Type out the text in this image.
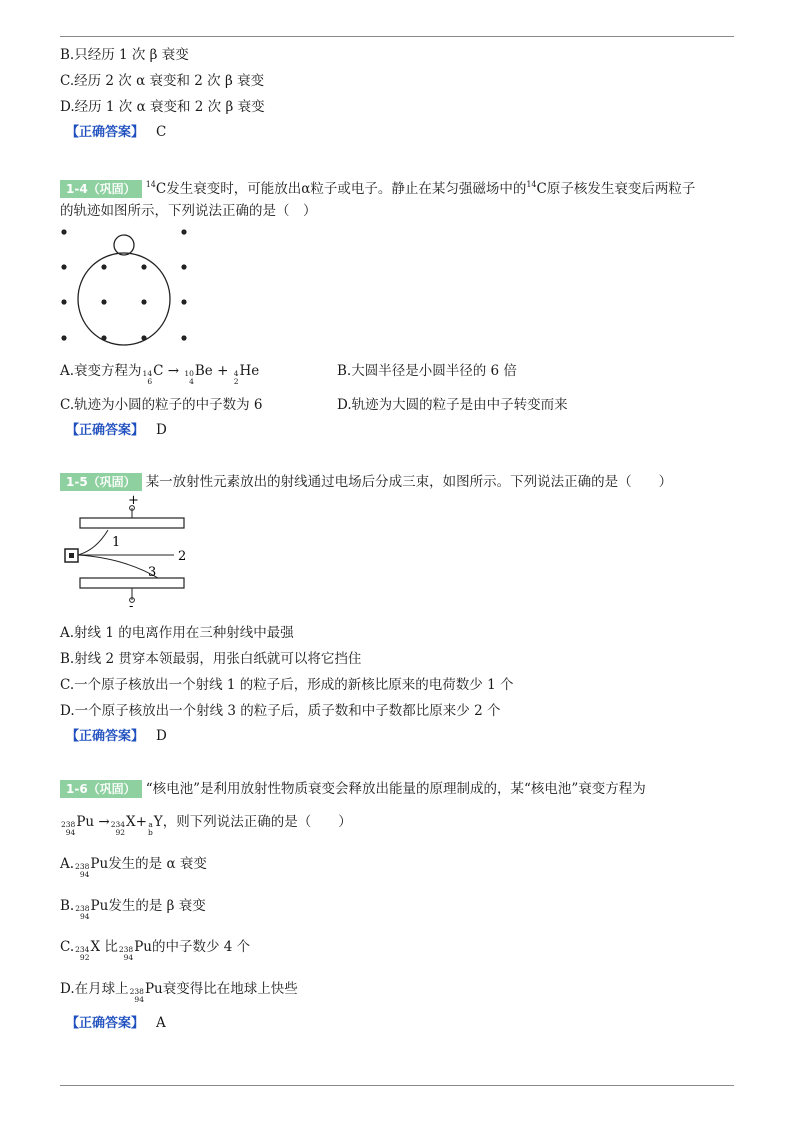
B.只经历 1 次 β 衰变
C.经历 2 次 α 衰变和 2 次 β 衰变
D.经历 1 次 α 衰变和 2 次 β 衰变
【正确答案】 C
1-4（巩固） $^{14}$C发生衰变时，可能放出α粒子或电子。静止在某匀强磁场中的$^{14}$C原子核发生衰变后两粒子
的轨迹如图所示，下列说法正确的是（　）
A.衰变方程为 14
6
C → 10
4
Be + 4
2
He	B.大圆半径是小圆半径的 6 倍
C.轨迹为小圆的粒子的中子数为 6	D.轨迹为大圆的粒子是由中子转变而来
【正确答案】 D
1-5（巩固） 某一放射性元素放出的射线通过电场后分成三束，如图所示。下列说法正确的是（　　）
+
-
1
2
3
A.射线 1 的电离作用在三种射线中最强
B.射线 2 贯穿本领最弱，用张白纸就可以将它挡住
C.一个原子核放出一个射线 1 的粒子后，形成的新核比原来的电荷数少 1 个
D.一个原子核放出一个射线 3 的粒子后，质子数和中子数都比原来少 2 个
【正确答案】 D
1-6（巩固） “核电池”是利用放射性物质衰变会释放出能量的原理制成的，某“核电池”衰变方程为
238
94
Pu → 234
92
X+ a
b
Y，则下列说法正确的是（　　）
A. 238
94
Pu发生的是 α 衰变
B. 238
94
Pu发生的是 β 衰变
C. 234
92
X 比 238
94
Pu的中子数少 4 个
D.在月球上 238
94
Pu衰变得比在地球上快些
【正确答案】 A
